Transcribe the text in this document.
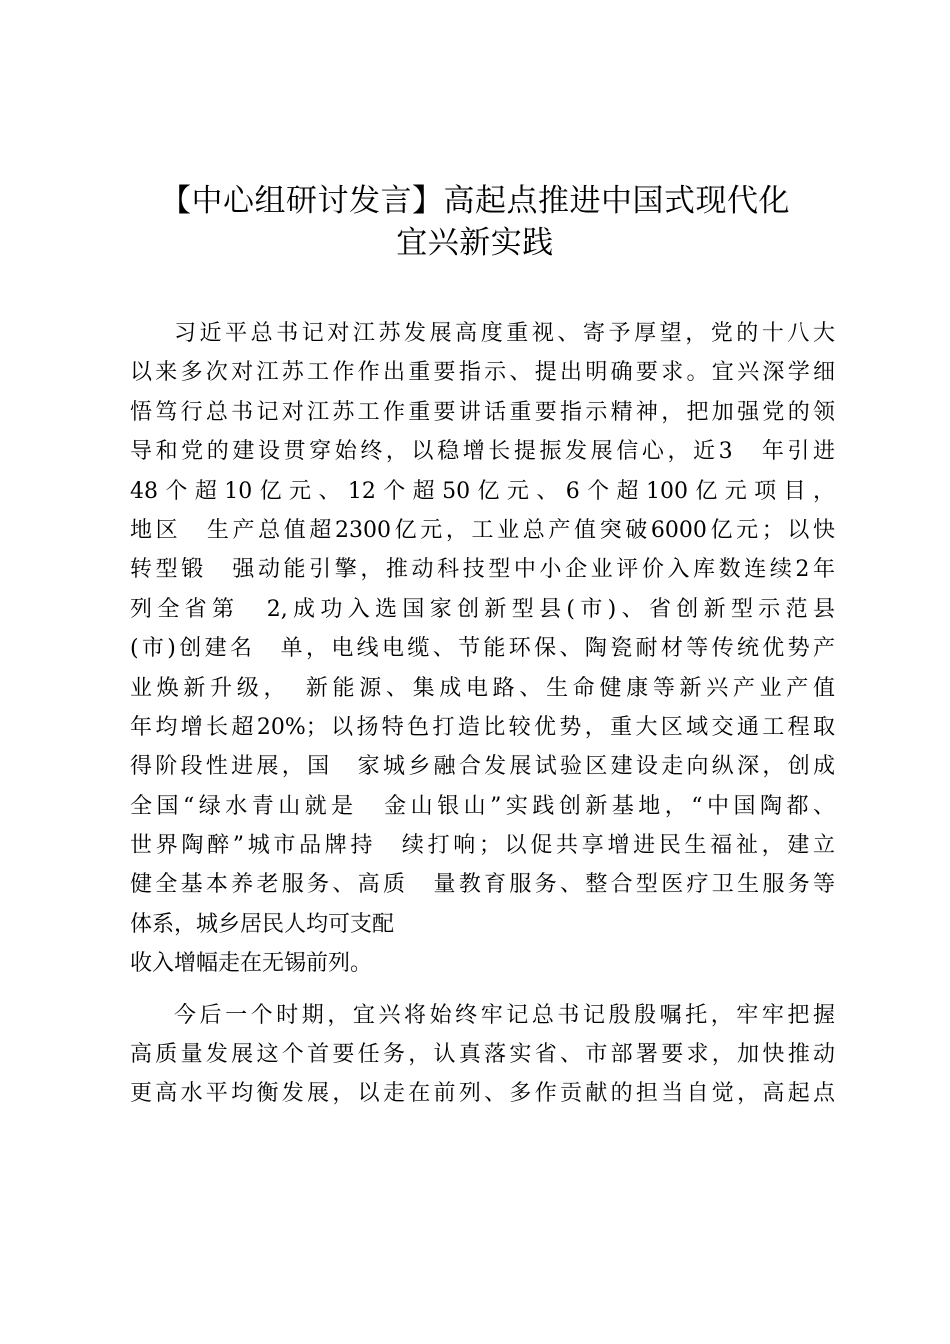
【中心组研讨发言】高起点推进中国式现代化
宜兴新实践
习近平总书记对江苏发展高度重视、寄予厚望，党的十八大
以来多次对江苏工作作出重要指示、提出明确要求。宜兴深学细
悟笃行总书记对江苏工作重要讲话重要指示精神，把加强党的领
导和党的建设贯穿始终，以稳增长提振发展信心，近3　年引进
48个超10亿元、12个超50亿元、6个超100亿元项目，
地区　生产总值超2300亿元，工业总产值突破6000亿元；以快
转型锻　强动能引擎，推动科技型中小企业评价入库数连续2年
列全省第　2,成功入选国家创新型县(市)、省创新型示范县
(市)创建名　单，电线电缆、节能环保、陶瓷耐材等传统优势产
业焕新升级，　新能源、集成电路、生命健康等新兴产业产值
年均增长超20%；以扬特色打造比较优势，重大区域交通工程取
得阶段性进展，国　家城乡融合发展试验区建设走向纵深，创成
全国“绿水青山就是　金山银山”实践创新基地，“中国陶都、
世界陶醉”城市品牌持　续打响；以促共享增进民生福祉，建立
健全基本养老服务、高质　量教育服务、整合型医疗卫生服务等
体系，城乡居民人均可支配
收入增幅走在无锡前列。
今后一个时期，宜兴将始终牢记总书记殷殷嘱托，牢牢把握
高质量发展这个首要任务，认真落实省、市部署要求，加快推动
更高水平均衡发展，以走在前列、多作贡献的担当自觉，高起点
